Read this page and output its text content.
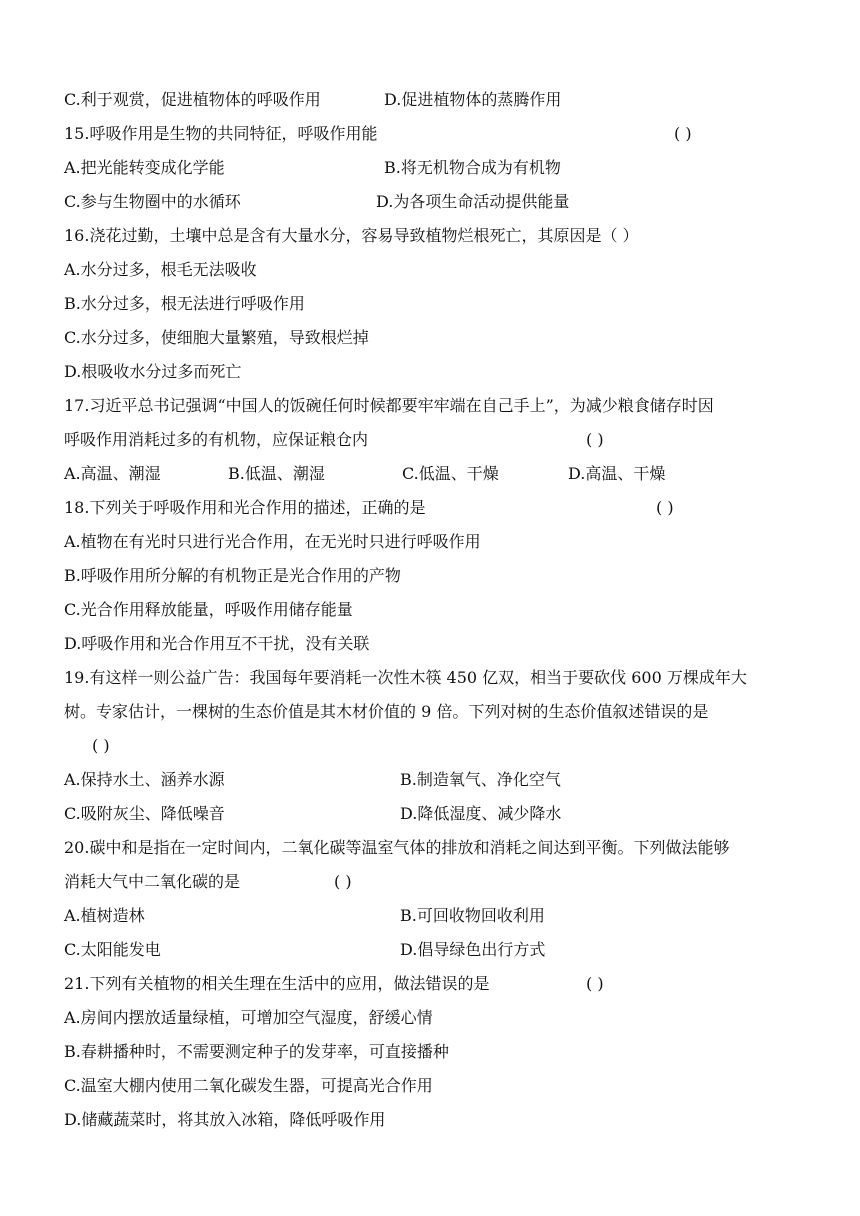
C.利于观赏，促进植物体的呼吸作用	D.促进植物体的蒸腾作用
15.呼吸作用是生物的共同特征，呼吸作用能	( )
A.把光能转变成化学能	B.将无机物合成为有机物
C.参与生物圈中的水循环	D.为各项生命活动提供能量
16.浇花过勤，土壤中总是含有大量水分，容易导致植物烂根死亡，其原因是（ ）
A.水分过多，根毛无法吸收
B.水分过多，根无法进行呼吸作用
C.水分过多，使细胞大量繁殖，导致根烂掉
D.根吸收水分过多而死亡
17.习近平总书记强调“中国人的饭碗任何时候都要牢牢端在自己手上”，为减少粮食储存时因
呼吸作用消耗过多的有机物，应保证粮仓内	( )
A.高温、潮湿	B.低温、潮湿	C.低温、干燥	D.高温、干燥
18.下列关于呼吸作用和光合作用的描述，正确的是	( )
A.植物在有光时只进行光合作用，在无光时只进行呼吸作用
B.呼吸作用所分解的有机物正是光合作用的产物
C.光合作用释放能量，呼吸作用储存能量
D.呼吸作用和光合作用互不干扰，没有关联
19.有这样一则公益广告：我国每年要消耗一次性木筷 450 亿双，相当于要砍伐 600 万棵成年大
树。专家估计，一棵树的生态价值是其木材价值的 9 倍。下列对树的生态价值叙述错误的是
( )
A.保持水土、涵养水源	B.制造氧气、净化空气
C.吸附灰尘、降低噪音	D.降低湿度、减少降水
20.碳中和是指在一定时间内，二氧化碳等温室气体的排放和消耗之间达到平衡。下列做法能够
消耗大气中二氧化碳的是	( )
A.植树造林	B.可回收物回收利用
C.太阳能发电	D.倡导绿色出行方式
21.下列有关植物的相关生理在生活中的应用，做法错误的是	( )
A.房间内摆放适量绿植，可增加空气湿度，舒缓心情
B.春耕播种时，不需要测定种子的发芽率，可直接播种
C.温室大棚内使用二氧化碳发生器，可提高光合作用
D.储藏蔬菜时，将其放入冰箱，降低呼吸作用
